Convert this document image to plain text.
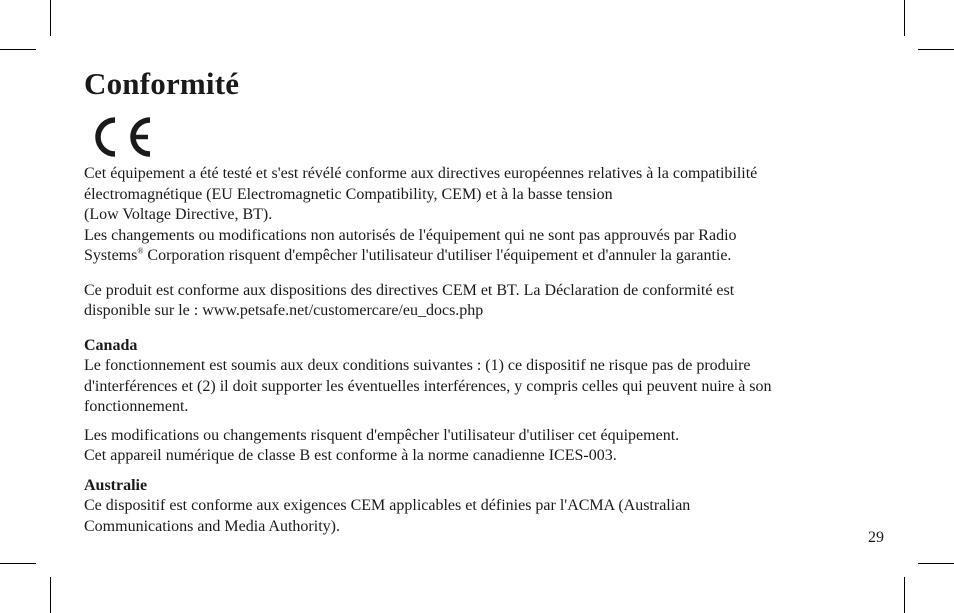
Conformité

Cet équipement a été testé et s'est révélé conforme aux directives européennes relatives à la compatibilité

électromagnétique (EU Electromagnetic Compatibility, CEM) et à la basse tension

(Low Voltage Directive, BT).

Les changements ou modifications non autorisés de l'équipement qui ne sont pas approuvés par Radio

Systems® Corporation risquent d'empêcher l'utilisateur d'utiliser l'équipement et d'annuler la garantie.

Ce produit est conforme aux dispositions des directives CEM et BT. La Déclaration de conformité est

disponible sur le : www.petsafe.net/customercare/eu_docs.php

Canada

Le fonctionnement est soumis aux deux conditions suivantes : (1) ce dispositif ne risque pas de produire

d'interférences et (2) il doit supporter les éventuelles interférences, y compris celles qui peuvent nuire à son

fonctionnement.

Les modifications ou changements risquent d'empêcher l'utilisateur d'utiliser cet équipement.

Cet appareil numérique de classe B est conforme à la norme canadienne ICES-003.

Australie

Ce dispositif est conforme aux exigences CEM applicables et définies par l'ACMA (Australian

Communications and Media Authority).

29
